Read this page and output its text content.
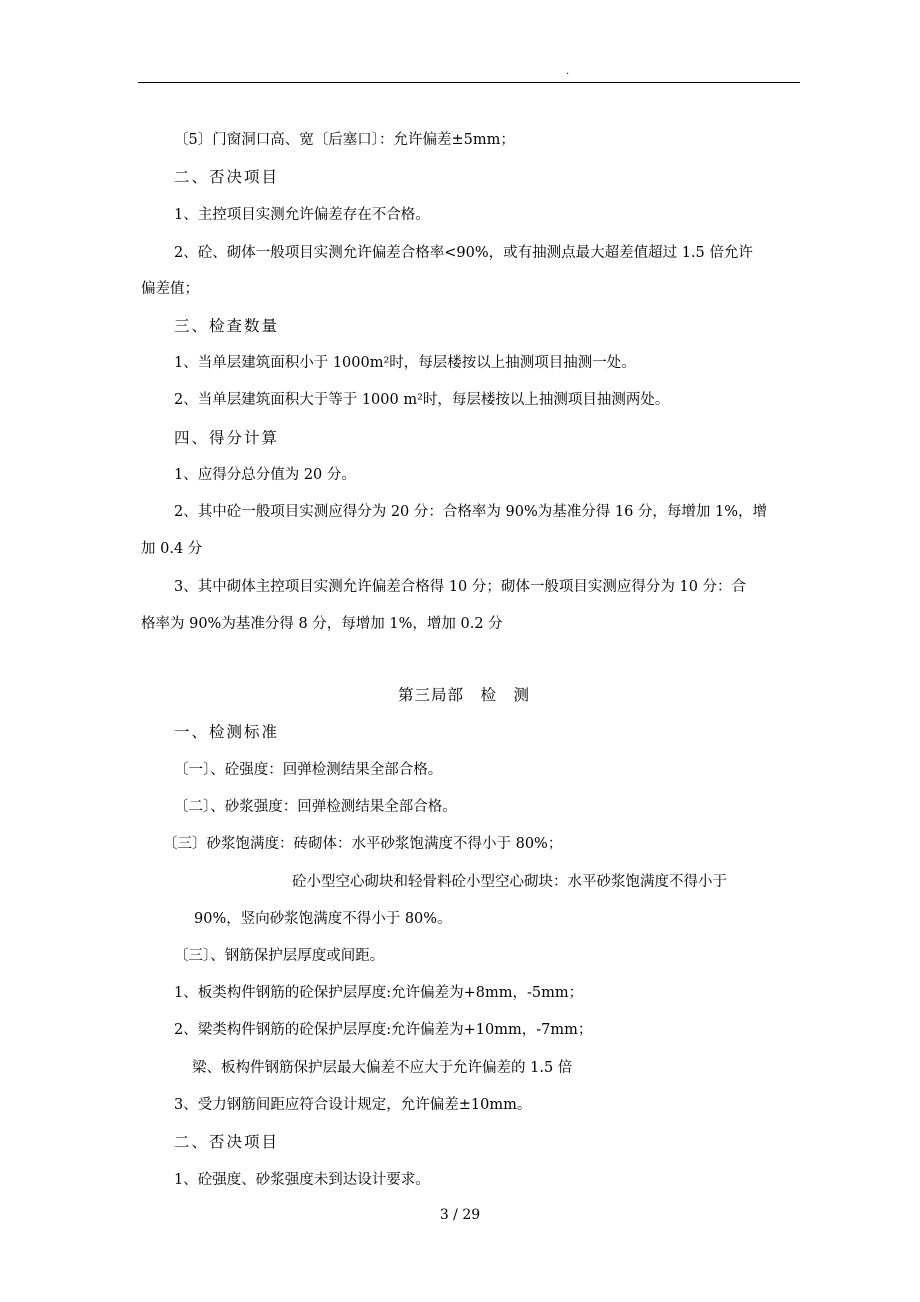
.
〔5〕门窗洞口高、宽〔后塞口〕：允许偏差±5mm；
二、否决项目
1、主控项目实测允许偏差存在不合格。
2、砼、砌体一般项目实测允许偏差合格率<90%，或有抽测点最大超差值超过 1.5 倍允许
偏差值；
三、检查数量
1、当单层建筑面积小于 1000m²时，每层楼按以上抽测项目抽测一处。
2、当单层建筑面积大于等于 1000 m²时，每层楼按以上抽测项目抽测两处。
四、得分计算
1、应得分总分值为 20 分。
2、其中砼一般项目实测应得分为 20 分：合格率为 90%为基准分得 16 分，每增加 1%，增
加 0.4 分
3、其中砌体主控项目实测允许偏差合格得 10 分；砌体一般项目实测应得分为 10 分：合
格率为 90%为基准分得 8 分，每增加 1%，增加 0.2 分
第三局部　检　测
一、检测标准
〔一〕、砼强度：回弹检测结果全部合格。
〔二〕、砂浆强度：回弹检测结果全部合格。
〔三〕砂浆饱满度：砖砌体：水平砂浆饱满度不得小于 80%；
砼小型空心砌块和轻骨料砼小型空心砌块：水平砂浆饱满度不得小于
90%，竖向砂浆饱满度不得小于 80%。
〔三〕、钢筋保护层厚度或间距。
1、板类构件钢筋的砼保护层厚度:允许偏差为+8mm，-5mm；
2、梁类构件钢筋的砼保护层厚度:允许偏差为+10mm，-7mm；
梁、板构件钢筋保护层最大偏差不应大于允许偏差的 1.5 倍
3、受力钢筋间距应符合设计规定，允许偏差±10mm。
二、否决项目
1、砼强度、砂浆强度未到达设计要求。
3 / 29
